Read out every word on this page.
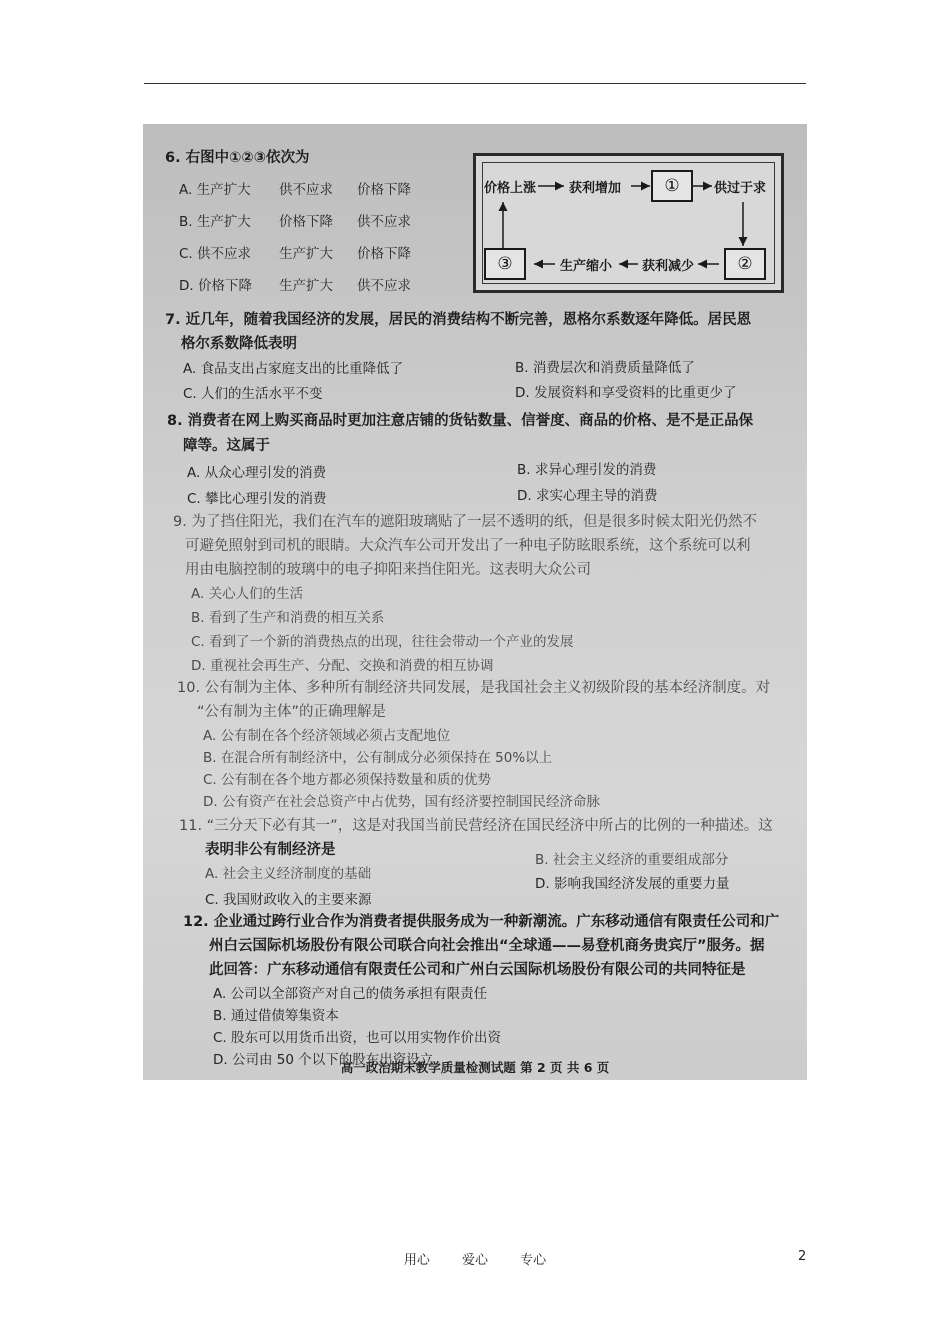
6. 右图中①②③依次为
A. 生产扩大 供不应求 价格下降
B. 生产扩大 价格下降 供不应求
C. 供不应求 生产扩大 价格下降
D. 价格下降 生产扩大 供不应求
价格上涨	获利增加	①	供过于求
②
获利减少
生产缩小
③
7. 近几年，随着我国经济的发展，居民的消费结构不断完善，恩格尔系数逐年降低。居民恩
格尔系数降低表明
A. 食品支出占家庭支出的比重降低了	B. 消费层次和消费质量降低了
C. 人们的生活水平不变	D. 发展资料和享受资料的比重更少了
8. 消费者在网上购买商品时更加注意店铺的货钻数量、信誉度、商品的价格、是不是正品保
障等。这属于
A. 从众心理引发的消费	B. 求异心理引发的消费
C. 攀比心理引发的消费	D. 求实心理主导的消费
9. 为了挡住阳光，我们在汽车的遮阳玻璃贴了一层不透明的纸，但是很多时候太阳光仍然不
可避免照射到司机的眼睛。大众汽车公司开发出了一种电子防眩眼系统，这个系统可以利
用由电脑控制的玻璃中的电子抑阳来挡住阳光。这表明大众公司
A. 关心人们的生活
B. 看到了生产和消费的相互关系
C. 看到了一个新的消费热点的出现，往往会带动一个产业的发展
D. 重视社会再生产、分配、交换和消费的相互协调
10. 公有制为主体、多种所有制经济共同发展，是我国社会主义初级阶段的基本经济制度。对
“公有制为主体”的正确理解是
A. 公有制在各个经济领域必须占支配地位
B. 在混合所有制经济中，公有制成分必须保持在 50%以上
C. 公有制在各个地方都必须保持数量和质的优势
D. 公有资产在社会总资产中占优势，国有经济要控制国民经济命脉
11. “三分天下必有其一”，这是对我国当前民营经济在国民经济中所占的比例的一种描述。这
表明非公有制经济是
A. 社会主义经济制度的基础
B. 社会主义经济的重要组成部分
C. 我国财政收入的主要来源
D. 影响我国经济发展的重要力量
12. 企业通过跨行业合作为消费者提供服务成为一种新潮流。广东移动通信有限责任公司和广
州白云国际机场股份有限公司联合向社会推出“全球通——易登机商务贵宾厅”服务。据
此回答：广东移动通信有限责任公司和广州白云国际机场股份有限公司的共同特征是
A. 公司以全部资产对自己的债务承担有限责任
B. 通过借债筹集资本
C. 股东可以用货币出资，也可以用实物作价出资
D. 公司由 50 个以下的股东出资设立
高一政治期末教学质量检测试题 第 2 页 共 6 页
用心 爱心 专心	2
